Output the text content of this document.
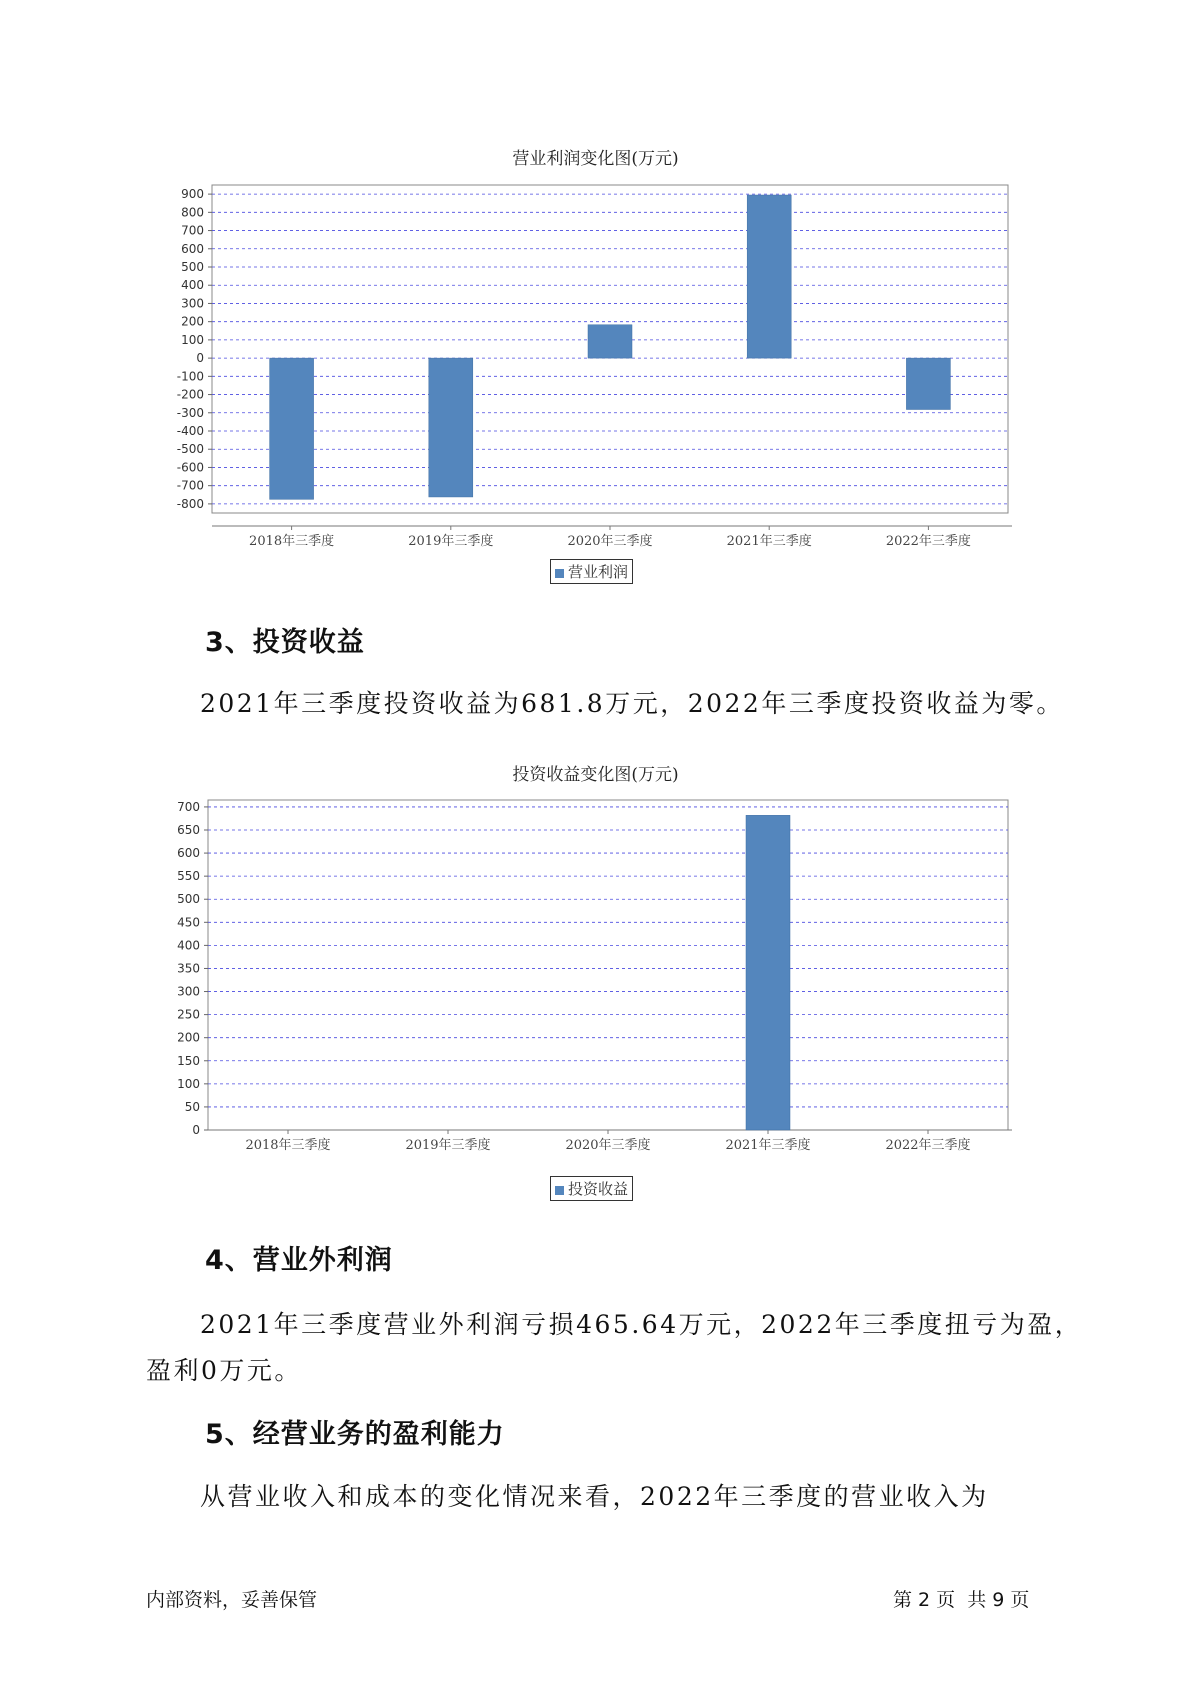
营业利润变化图(万元)
900
800
700
600
500
400
300
200
100
0
-100
-200
-300
-400
-500
-600
-700
-800
2018年三季度	2019年三季度	2020年三季度	2021年三季度	2022年三季度
营业利润
3、投资收益
2021年三季度投资收益为681.8万元，2022年三季度投资收益为零。
投资收益变化图(万元)
700
650
600
550
500
450
400
350
300
250
200
150
100
50
0
2018年三季度	2019年三季度	2020年三季度	2021年三季度	2022年三季度
投资收益
4、营业外利润
2021年三季度营业外利润亏损465.64万元，2022年三季度扭亏为盈，
盈利0万元。
5、经营业务的盈利能力
从营业收入和成本的变化情况来看，2022年三季度的营业收入为
内部资料，妥善保管	第 2 页  共 9 页
